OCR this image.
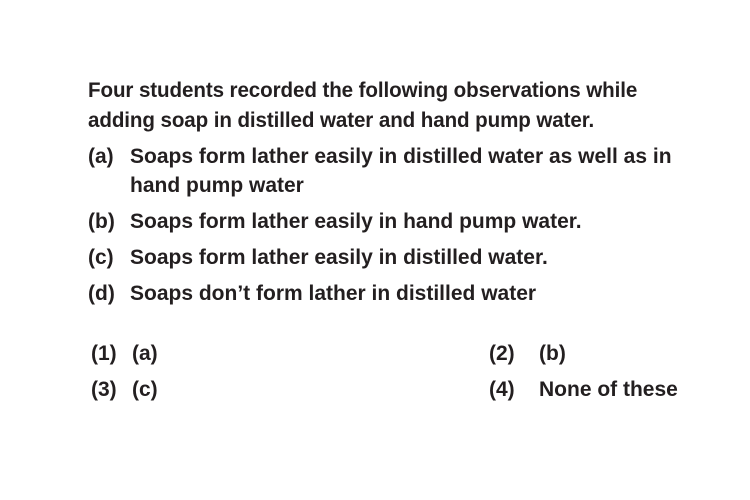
Four students recorded the following observations while adding soap in distilled water and hand pump water.

(a) Soaps form lather easily in distilled water as well as in hand pump water
(b) Soaps form lather easily in hand pump water.
(c) Soaps form lather easily in distilled water.
(d) Soaps don’t form lather in distilled water
(1) (a)	(2)	(b)
(3) (c)	(4)	None of these
